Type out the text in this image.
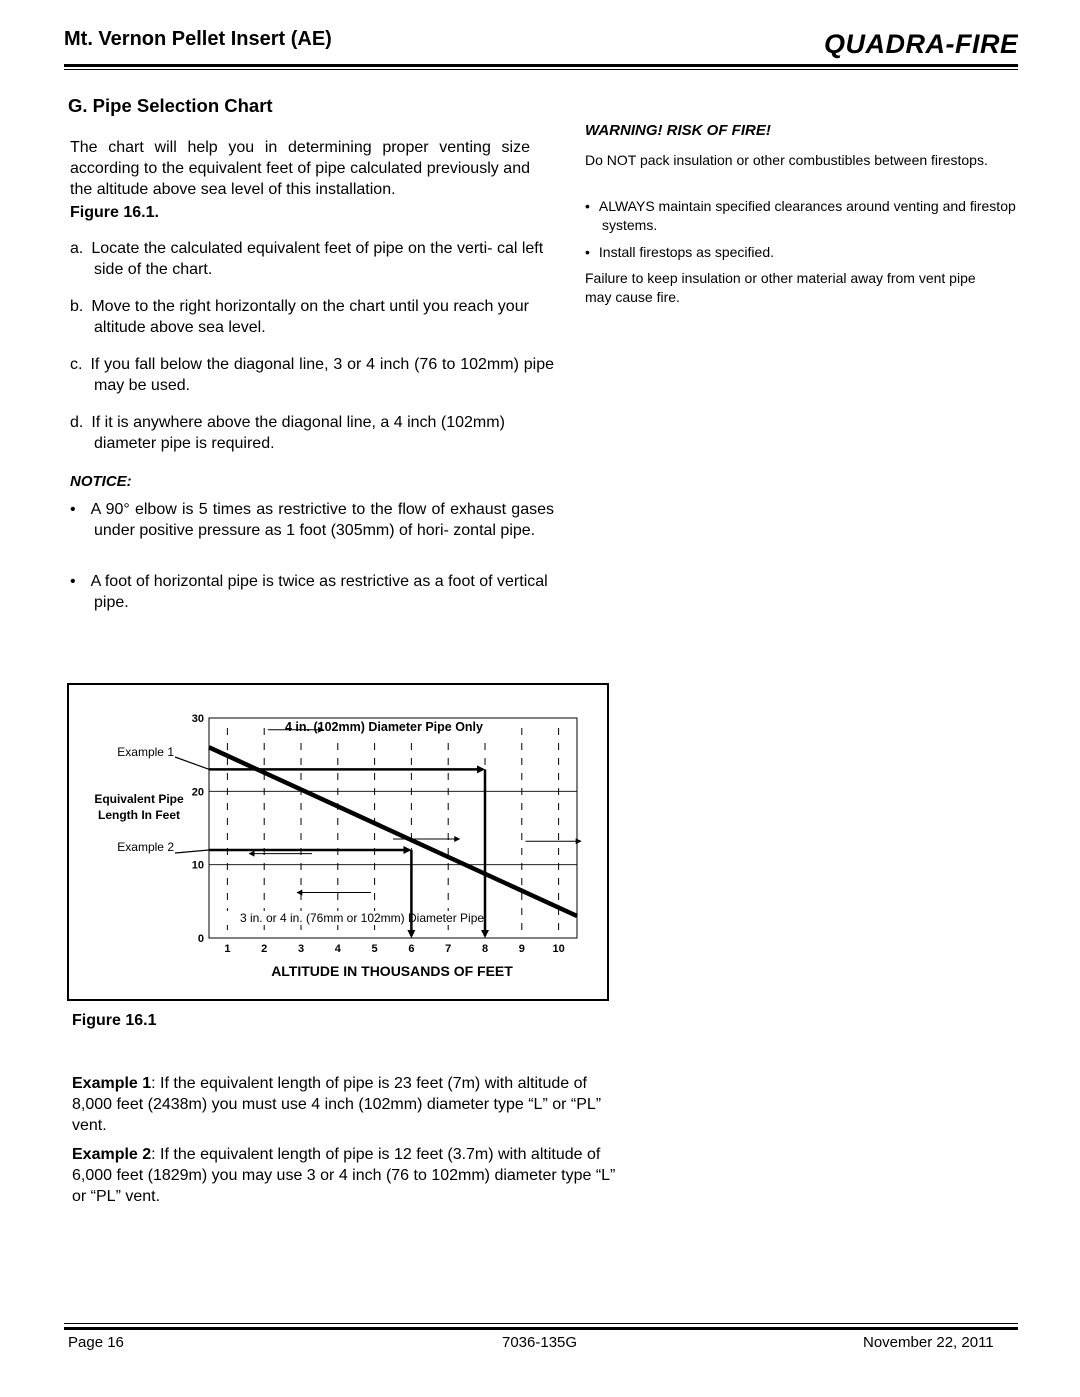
Mt. Vernon Pellet Insert (AE)	QUADRA-FIRE
G. Pipe Selection Chart
The chart will help you in determining proper venting size according to the equivalent feet of pipe calculated previously and the altitude above sea level of this installation.
Figure 16.1.
a. Locate the calculated equivalent feet of pipe on the verti- cal left side of the chart.
b. Move to the right horizontally on the chart until you reach your altitude above sea level.
c. If you fall below the diagonal line, 3 or 4 inch (76 to 102mm) pipe may be used.
d. If it is anywhere above the diagonal line, a 4 inch (102mm) diameter pipe is required.
NOTICE:
• A 90° elbow is 5 times as restrictive to the flow of exhaust gases under positive pressure as 1 foot (305mm) of hori- zontal pipe.
• A foot of horizontal pipe is twice as restrictive as a foot of vertical pipe.
WARNING! RISK OF FIRE!
Do NOT pack insulation or other combustibles between firestops.
• ALWAYS maintain specified clearances around venting and firestop systems.
• Install firestops as specified.
Failure to keep insulation or other material away from vent pipe may cause fire.
0
10
20
30
1	2	3	4	5	6	7	8	9	10
4 in. (102mm) Diameter Pipe Only
3 in. or 4 in. (76mm or 102mm) Diameter Pipe
ALTITUDE IN THOUSANDS OF FEET
Equivalent Pipe
Length In Feet
Example 1
Example 2
Figure 16.1
Example 1: If the equivalent length of pipe is 23 feet (7m) with altitude of 8,000 feet (2438m) you must use 4 inch (102mm) diameter type “L” or “PL” vent.
Example 2: If the equivalent length of pipe is 12 feet (3.7m) with altitude of 6,000 feet (1829m) you may use 3 or 4 inch (76 to 102mm) diameter type “L” or “PL” vent.
Page 16	7036-135G	November 22, 2011
